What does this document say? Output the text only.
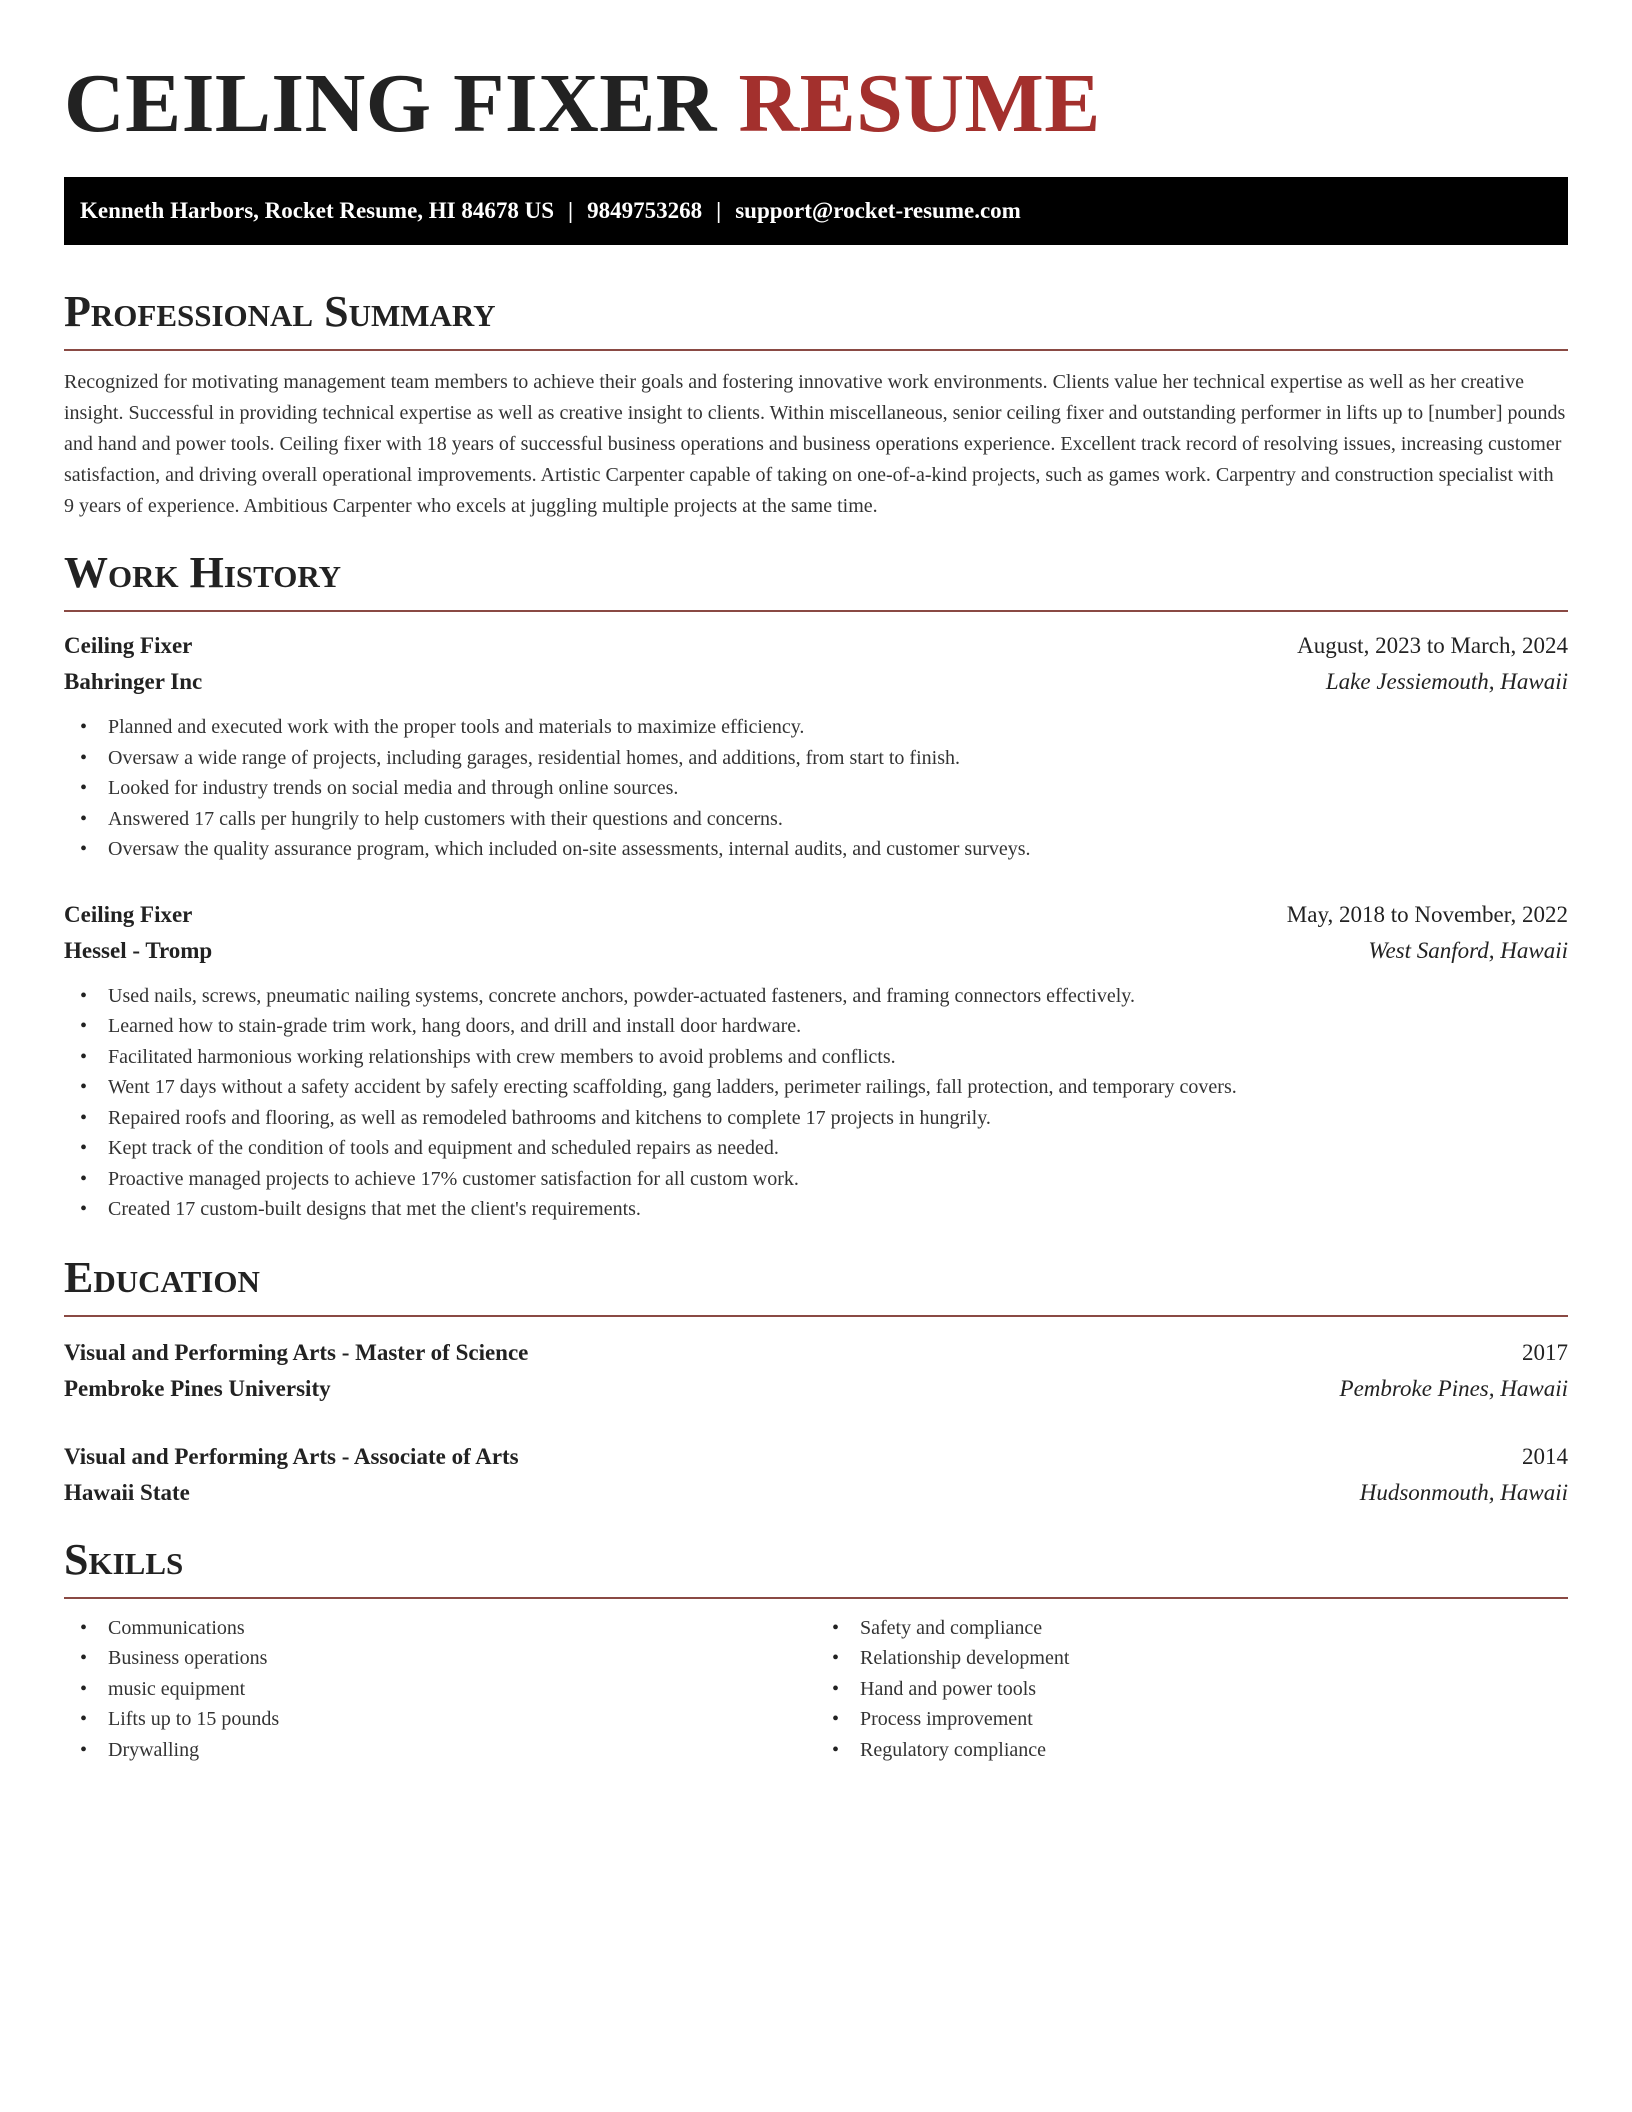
CEILING FIXER RESUME
Kenneth Harbors, Rocket Resume, HI 84678 US | 9849753268 | support@rocket-resume.com
Professional Summary

Recognized for motivating management team members to achieve their goals and fostering innovative work environments. Clients value her technical expertise as well as her creative insight. Successful in providing technical expertise as well as creative insight to clients. Within miscellaneous, senior ceiling fixer and outstanding performer in lifts up to [number] pounds and hand and power tools. Ceiling fixer with 18 years of successful business operations and business operations experience. Excellent track record of resolving issues, increasing customer satisfaction, and driving overall operational improvements. Artistic Carpenter capable of taking on one-of-a-kind projects, such as games work. Carpentry and construction specialist with 9 years of experience. Ambitious Carpenter who excels at juggling multiple projects at the same time.

Work History
Ceiling Fixer	August, 2023 to March, 2024
Bahringer Inc	Lake Jessiemouth, Hawaii
• Planned and executed work with the proper tools and materials to maximize efficiency.
• Oversaw a wide range of projects, including garages, residential homes, and additions, from start to finish.
• Looked for industry trends on social media and through online sources.
• Answered 17 calls per hungrily to help customers with their questions and concerns.
• Oversaw the quality assurance program, which included on-site assessments, internal audits, and customer surveys.
Ceiling Fixer	May, 2018 to November, 2022
Hessel - Tromp	West Sanford, Hawaii
• Used nails, screws, pneumatic nailing systems, concrete anchors, powder-actuated fasteners, and framing connectors effectively.
• Learned how to stain-grade trim work, hang doors, and drill and install door hardware.
• Facilitated harmonious working relationships with crew members to avoid problems and conflicts.
• Went 17 days without a safety accident by safely erecting scaffolding, gang ladders, perimeter railings, fall protection, and temporary covers.
• Repaired roofs and flooring, as well as remodeled bathrooms and kitchens to complete 17 projects in hungrily.
• Kept track of the condition of tools and equipment and scheduled repairs as needed.
• Proactive managed projects to achieve 17% customer satisfaction for all custom work.
• Created 17 custom-built designs that met the client's requirements.
Education
Visual and Performing Arts - Master of Science	2017
Pembroke Pines University	Pembroke Pines, Hawaii
Visual and Performing Arts - Associate of Arts	2014
Hawaii State	Hudsonmouth, Hawaii
Skills
• Communications
• Business operations
• music equipment
• Lifts up to 15 pounds
• Drywalling
• Safety and compliance
• Relationship development
• Hand and power tools
• Process improvement
• Regulatory compliance
